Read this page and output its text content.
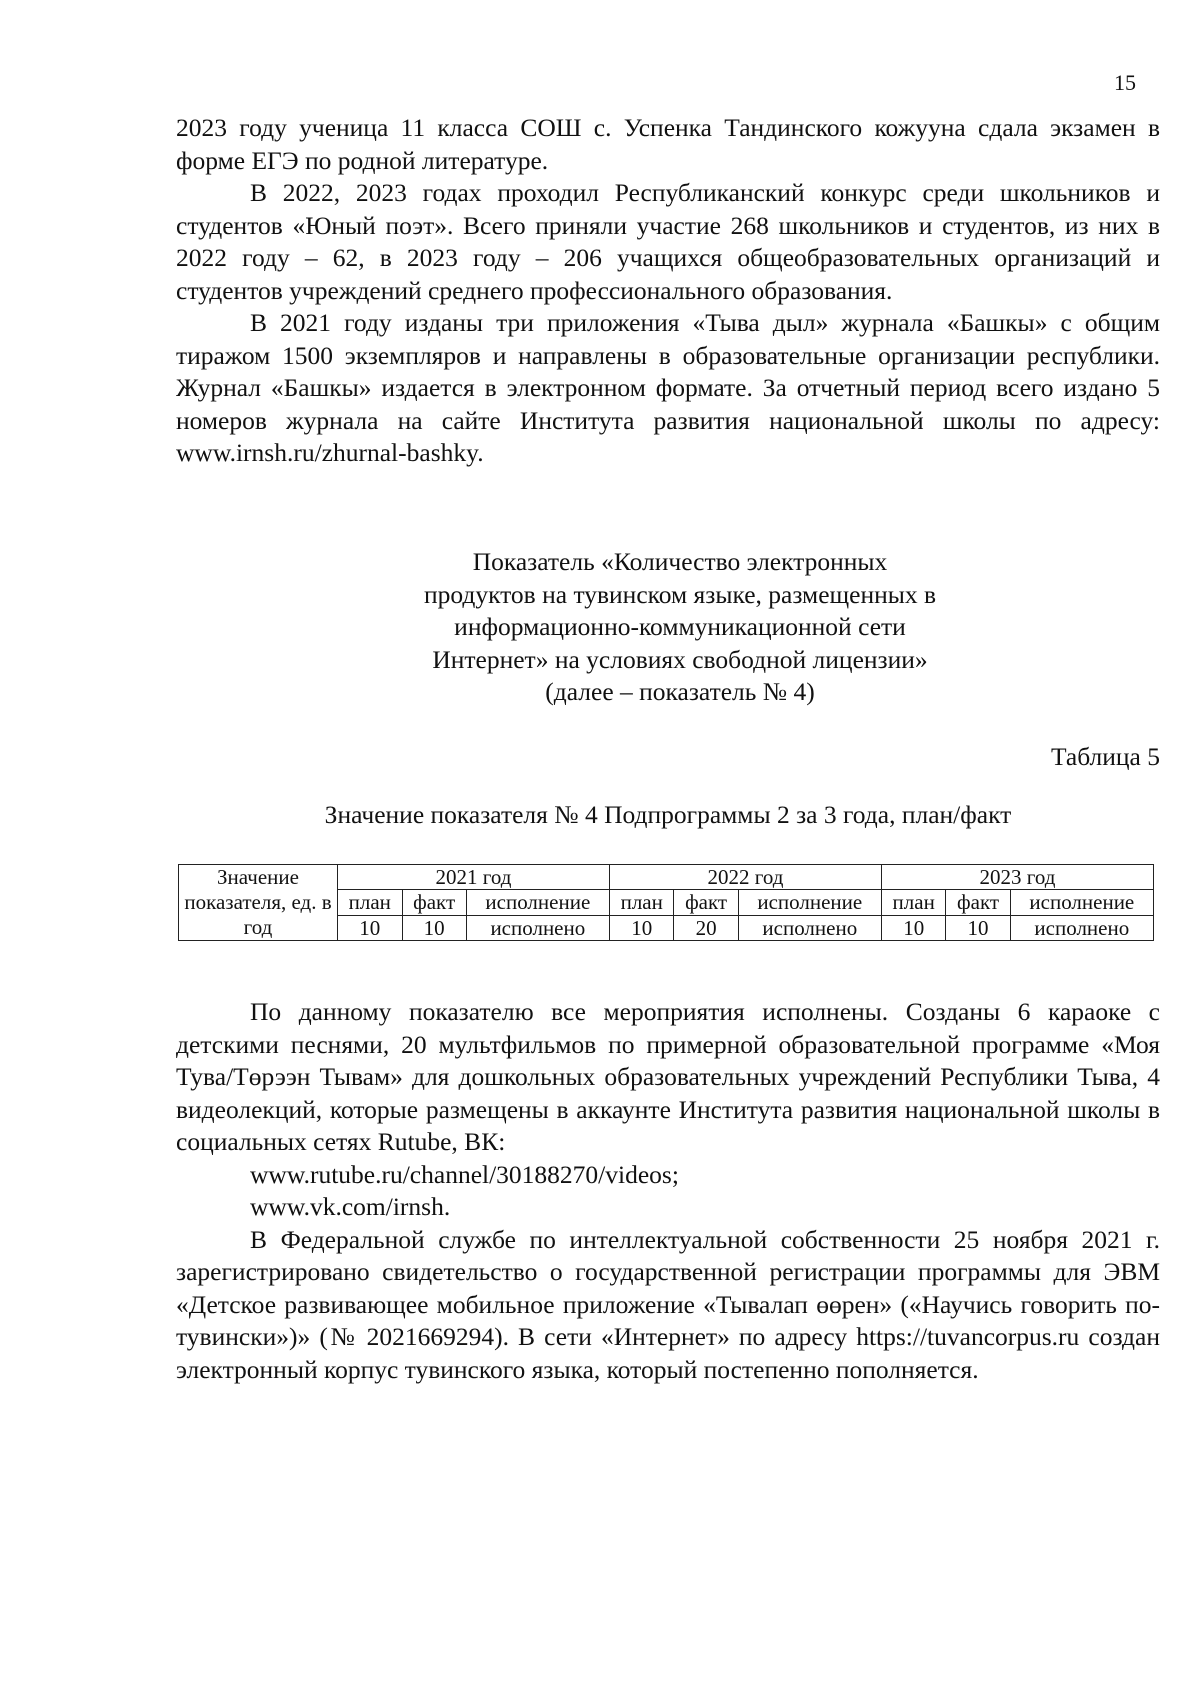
15

2023 году ученица 11 класса СОШ с. Успенка Тандинского кожууна сдала экзамен в форме ЕГЭ по родной литературе.

В 2022, 2023 годах проходил Республиканский конкурс среди школьников и студентов «Юный поэт». Всего приняли участие 268 школьников и студентов, из них в 2022 году – 62, в 2023 году – 206 учащихся общеобразовательных организаций и студентов учреждений среднего профессионального образования.

В 2021 году изданы три приложения «Тыва дыл» журнала «Башкы» с общим тиражом 1500 экземпляров и направлены в образовательные организации республики. Журнал «Башкы» издается в электронном формате. За отчетный период всего издано 5 номеров журнала на сайте Института развития национальной школы по адресу: www.irnsh.ru/zhurnal-bashky.

Показатель «Количество электронных
продуктов на тувинском языке, размещенных в
информационно-коммуникационной сети
Интернет» на условиях свободной лицензии»
(далее – показатель № 4)
Таблица 5
Значение показателя № 4 Подпрограммы 2 за 3 года, план/факт
Значение показателя, ед. в год	2021 год			2022 год			2023 год		
	план	факт	исполнение	план	факт	исполнение	план	факт	исполнение
	10	10	исполнено	10	20	исполнено	10	10	исполнено

По данному показателю все мероприятия исполнены. Созданы 6 караоке с детскими песнями, 20 мультфильмов по примерной образовательной программе «Моя Тува/Төрээн Тывам» для дошкольных образовательных учреждений Республики Тыва, 4 видеолекций, которые размещены в аккаунте Института развития национальной школы в социальных сетях Rutube, ВК:

www.rutube.ru/channel/30188270/videos;
www.vk.com/irnsh.

В Федеральной службе по интеллектуальной собственности 25 ноября 2021 г. зарегистрировано свидетельство о государственной регистрации программы для ЭВМ «Детское развивающее мобильное приложение «Тывалап өөрен» («Научись говорить по-тувински»)» (№ 2021669294). В сети «Интернет» по адресу https://tuvancorpus.ru создан электронный корпус тувинского языка, который постепенно пополняется.
